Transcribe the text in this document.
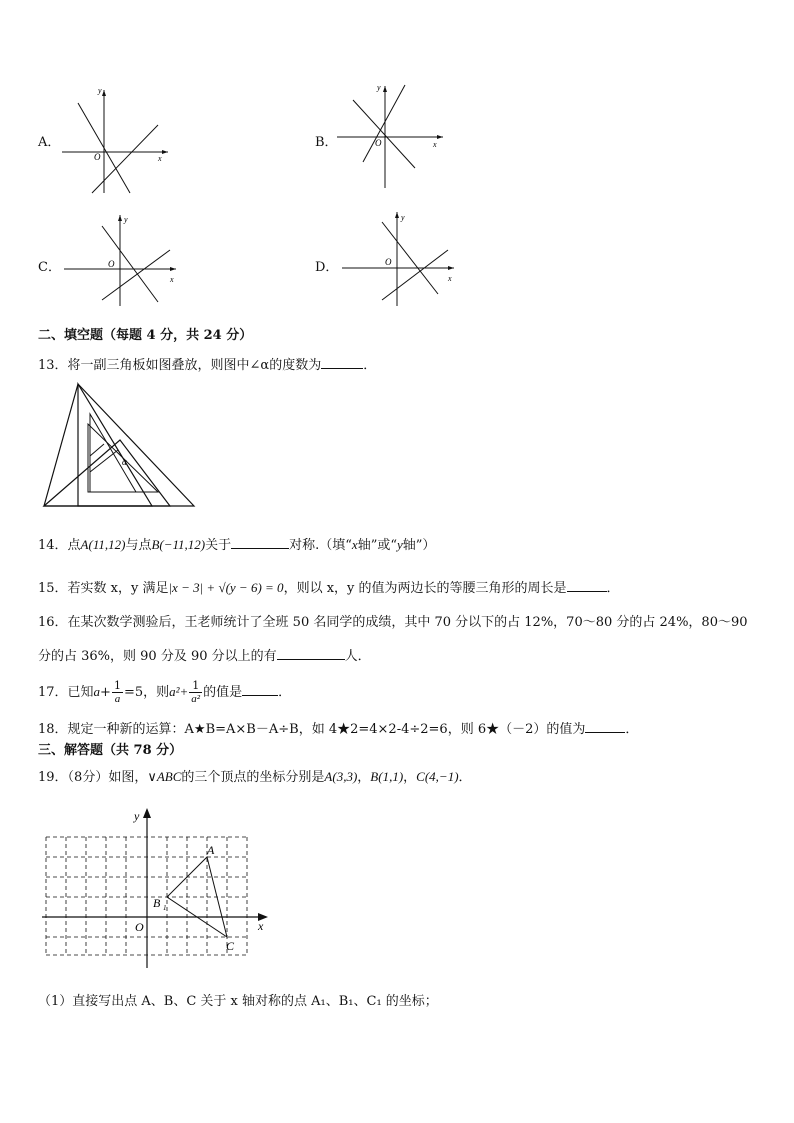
A．
y
O	x
B．
y
O	x
C．
y
O
x
D．
y
O
x
二、填空题（每题 4 分，共 24 分）
13．将一副三角板如图叠放，则图中∠α的度数为	．
α
14．点A(11,12)与点B(−11,12)关于	对称.（填“x轴”或“y轴”）
15．若实数 x，y 满足|x − 3| + √(y − 6) = 0，则以 x，y 的值为两边长的等腰三角形的周长是	．
16．在某次数学测验后，王老师统计了全班 50 名同学的成绩，其中 70 分以下的占 12%，70～80 分的占 24%，80～90
分的占 36%，则 90 分及 90 分以上的有	人．
17．已知$a+ \frac{1}{a} =5$，则$a^2+ \frac{1}{\text{a²}}$ 的值是	．
18．规定一种新的运算：A★B=A×B－A÷B，如 4★2=4×2-4÷2=6，则 6★（－2）的值为	．
三、解答题（共 78 分）
19．（8分）如图，∨ABC的三个顶点的坐标分别是A(3,3)，B(1,1)，C(4,−1)．
y
x
O
A
B 1
C
（1）直接写出点 A、B、C 关于 x 轴对称的点 A₁、B₁、C₁ 的坐标；
